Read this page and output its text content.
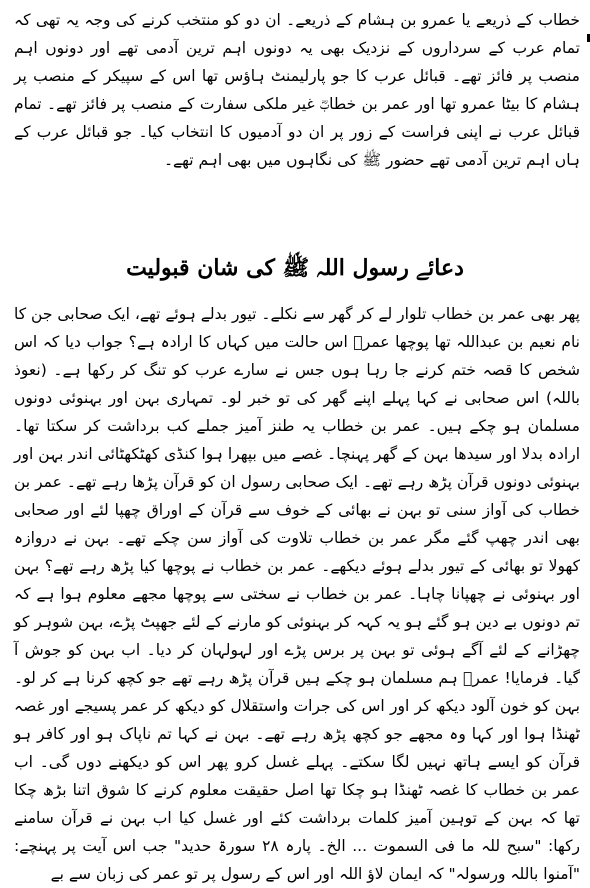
خطاب کے ذریعے یا عمرو بن ہشام کے ذریعے۔ ان دو کو منتخب کرنے کی وجہ یہ تھی کہ تمام عرب کے سرداروں کے نزدیک بھی یہ دونوں اہم ترین آدمی تھے اور دونوں اہم منصب پر فائز تھے۔ قبائل عرب کا جو پارلیمنٹ ہاؤس تھا اس کے سپیکر کے منصب پر ہشام کا بیٹا عمرو تھا اور عمر بن خطابؓ غیر ملکی سفارت کے منصب پر فائز تھے۔ تمام قبائل عرب نے اپنی فراست کے زور پر ان دو آدمیوں کا انتخاب کیا۔ جو قبائل عرب کے ہاں اہم ترین آدمی تھے حضور ﷺ کی نگاہوں میں بھی اہم تھے۔

دعائے رسول اللہ ﷺ کی شان قبولیت

پھر بھی عمر بن خطاب تلوار لے کر گھر سے نکلے۔ تیور بدلے ہوئے تھے، ایک صحابی جن کا نام نعیم بن عبداللہ تھا پوچھا عمرؓ اس حالت میں کہاں کا ارادہ ہے؟ جواب دیا کہ اس شخص کا قصہ ختم کرنے جا رہا ہوں جس نے سارے عرب کو تنگ کر رکھا ہے۔ (نعوذ باللہ) اس صحابی نے کہا پہلے اپنے گھر کی تو خبر لو۔ تمہاری بہن اور بہنوئی دونوں مسلمان ہو چکے ہیں۔ عمر بن خطاب یہ طنز آمیز جملے کب برداشت کر سکتا تھا۔ ارادہ بدلا اور سیدھا بہن کے گھر پہنچا۔ غصے میں بپھرا ہوا کنڈی کھٹکھٹائی اندر بہن اور بہنوئی دونوں قرآن پڑھ رہے تھے۔ ایک صحابی رسول ان کو قرآن پڑھا رہے تھے۔ عمر بن خطاب کی آواز سنی تو بہن نے بھائی کے خوف سے قرآن کے اوراق چھپا لئے اور صحابی بھی اندر چھپ گئے مگر عمر بن خطاب تلاوت کی آواز سن چکے تھے۔ بہن نے دروازہ کھولا تو بھائی کے تیور بدلے ہوئے دیکھے۔ عمر بن خطاب نے پوچھا کیا پڑھ رہے تھے؟ بہن اور بہنوئی نے چھپانا چاہا۔ عمر بن خطاب نے سختی سے پوچھا مجھے معلوم ہوا ہے کہ تم دونوں بے دین ہو گئے ہو یہ کہہ کر بہنوئی کو مارنے کے لئے جھپٹ پڑے، بہن شوہر کو چھڑانے کے لئے آگے ہوئی تو بہن پر برس پڑے اور لہولہان کر دیا۔ اب بہن کو جوش آ گیا۔ فرمایا! عمرؓ ہم مسلمان ہو چکے ہیں قرآن پڑھ رہے تھے جو کچھ کرنا ہے کر لو۔ بہن کو خون آلود دیکھ کر اور اس کی جرات واستقلال کو دیکھ کر عمر پسیجے اور غصہ ٹھنڈا ہوا اور کہا وہ مجھے جو کچھ پڑھ رہے تھے۔ بہن نے کہا تم ناپاک ہو اور کافر ہو قرآن کو ایسے ہاتھ نہیں لگا سکتے۔ پہلے غسل کرو پھر اس کو دیکھنے دوں گی۔ اب عمر بن خطاب کا غصہ ٹھنڈا ہو چکا تھا اصل حقیقت معلوم کرنے کا شوق اتنا بڑھ چکا تھا کہ بہن کے توہین آمیز کلمات برداشت کئے اور غسل کیا اب بہن نے قرآن سامنے رکھا: "سبح للہ ما فی السموت ... الخ۔ پارہ ۲۸ سورۃ حدید" جب اس آیت پر پہنچے: "آمنوا باللہ ورسولہ" کہ ایمان لاؤ اللہ اور اس کے رسول پر تو عمر کی زبان سے بے
